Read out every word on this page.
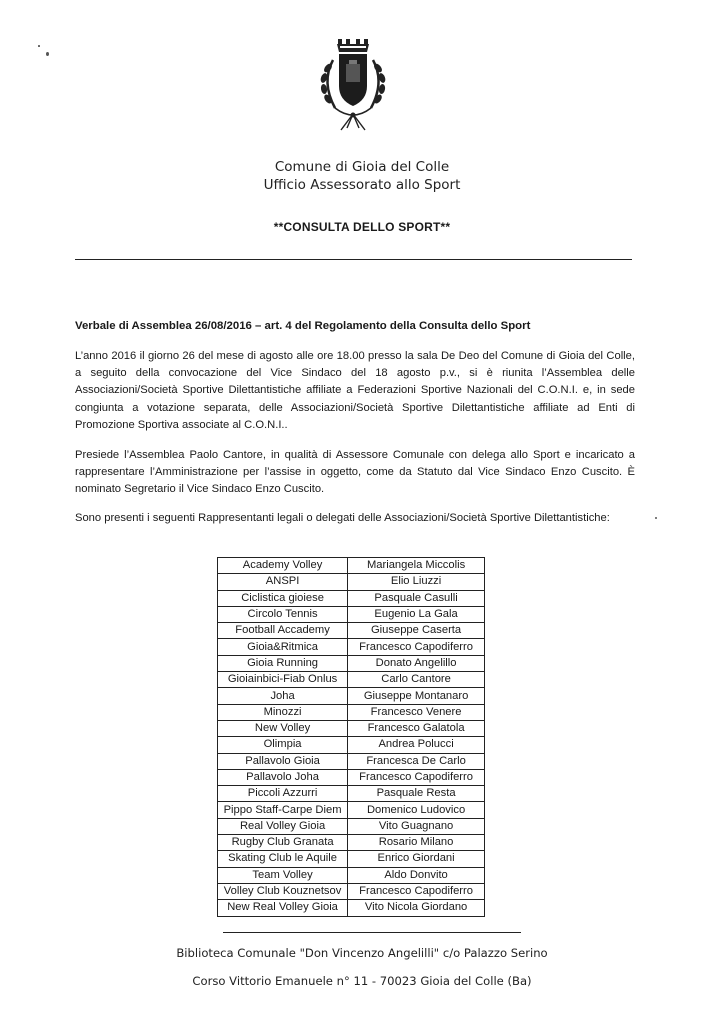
Comune di Gioia del Colle
Ufficio Assessorato allo Sport
**CONSULTA DELLO SPORT**
Verbale di Assemblea 26/08/2016 – art. 4 del Regolamento della Consulta dello Sport

L’anno 2016 il giorno 26 del mese di agosto alle ore 18.00 presso la sala De Deo del Comune di Gioia del Colle, a seguito della convocazione del Vice Sindaco del 18 agosto p.v., si è riunita l’Assemblea delle Associazioni/Società Sportive Dilettantistiche affiliate a Federazioni Sportive Nazionali del C.O.N.I. e, in sede congiunta a votazione separata, delle Associazioni/Società Sportive Dilettantistiche affiliate ad Enti di Promozione Sportiva associate al C.O.N.I..

Presiede l’Assemblea Paolo Cantore, in qualità di Assessore Comunale con delega allo Sport e incaricato a rappresentare l’Amministrazione per l’assise in oggetto, come da Statuto dal Vice Sindaco Enzo Cuscito. È nominato Segretario il Vice Sindaco Enzo Cuscito.

Sono presenti i seguenti Rappresentanti legali o delegati delle Associazioni/Società Sportive Dilettantistiche:

Academy Volley	Mariangela Miccolis
ANSPI	Elio Liuzzi
Ciclistica gioiese	Pasquale Casulli
Circolo Tennis	Eugenio La Gala
Football Accademy	Giuseppe Caserta
Gioia&Ritmica	Francesco Capodiferro
Gioia Running	Donato Angelillo
Gioiainbici-Fiab Onlus	Carlo Cantore
Joha	Giuseppe Montanaro
Minozzi	Francesco Venere
New Volley	Francesco Galatola
Olimpia	Andrea Polucci
Pallavolo Gioia	Francesca De Carlo
Pallavolo Joha	Francesco Capodiferro
Piccoli Azzurri	Pasquale Resta
Pippo Staff-Carpe Diem	Domenico Ludovico
Real Volley Gioia	Vito Guagnano
Rugby Club Granata	Rosario Milano
Skating Club le Aquile	Enrico Giordani
Team Volley	Aldo Donvito
Volley Club Kouznetsov	Francesco Capodiferro
New Real Volley Gioia	Vito Nicola Giordano
Biblioteca Comunale "Don Vincenzo Angelilli" c/o Palazzo Serino
Corso Vittorio Emanuele n° 11 - 70023 Gioia del Colle (Ba)
